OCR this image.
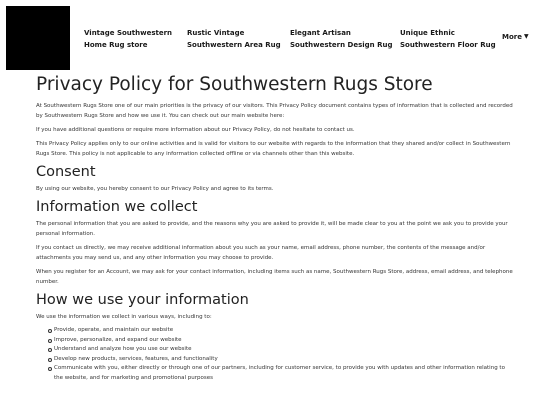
Vintage Southwestern
Home Rug store
Rustic Vintage
Southwestern Area Rug
Elegant Artisan
Southwestern Design Rug
Unique Ethnic
Southwestern Floor Rug
More ▼
Privacy Policy for Southwestern Rugs Store

At Southwestern Rugs Store one of our main priorities is the privacy of our visitors. This Privacy Policy document contains types of information that is collected and recorded by Southwestern Rugs Store and how we use it. You can check out our main website here:

If you have additional questions or require more information about our Privacy Policy, do not hesitate to contact us.

This Privacy Policy applies only to our online activities and is valid for visitors to our website with regards to the information that they shared and/or collect in Southwestern Rugs Store. This policy is not applicable to any information collected offline or via channels other than this website.

Consent

By using our website, you hereby consent to our Privacy Policy and agree to its terms.

Information we collect

The personal information that you are asked to provide, and the reasons why you are asked to provide it, will be made clear to you at the point we ask you to provide your personal information.

If you contact us directly, we may receive additional information about you such as your name, email address, phone number, the contents of the message and/or attachments you may send us, and any other information you may choose to provide.

When you register for an Account, we may ask for your contact information, including items such as name, Southwestern Rugs Store, address, email address, and telephone number.

How we use your information

We use the information we collect in various ways, including to:

Provide, operate, and maintain our website
Improve, personalize, and expand our website
Understand and analyze how you use our website
Develop new products, services, features, and functionality
Communicate with you, either directly or through one of our partners, including for customer service, to provide you with updates and other information relating to the website, and for marketing and promotional purposes
